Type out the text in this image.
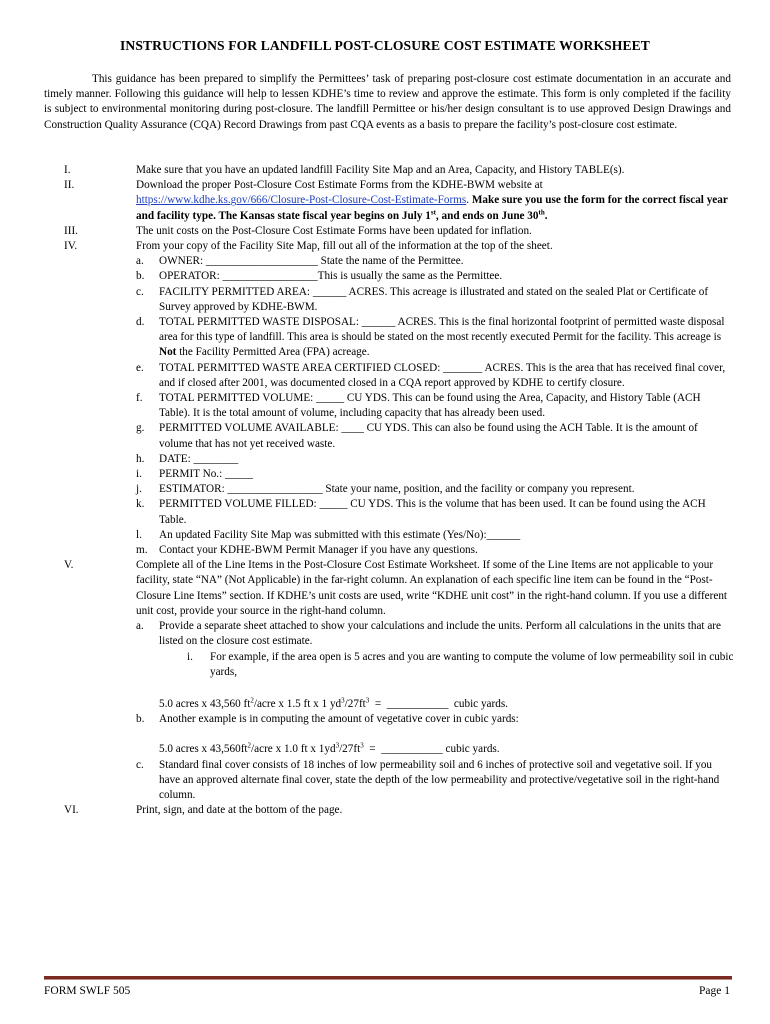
INSTRUCTIONS FOR LANDFILL POST-CLOSURE COST ESTIMATE WORKSHEET

This guidance has been prepared to simplify the Permittees’ task of preparing post-closure cost estimate documentation in an accurate and timely manner. Following this guidance will help to lessen KDHE’s time to review and approve the estimate. This form is only completed if the facility is subject to environmental monitoring during post-closure. The landfill Permittee or his/her design consultant is to use approved Design Drawings and Construction Quality Assurance (CQA) Record Drawings from past CQA events as a basis to prepare the facility’s post-closure cost estimate.

I.	Make sure that you have an updated landfill Facility Site Map and an Area, Capacity, and History TABLE(s).
II.	Download the proper Post-Closure Cost Estimate Forms from the KDHE-BWM website at
https://www.kdhe.ks.gov/666/Closure-Post-Closure-Cost-Estimate-Forms. Make sure you use the form for the correct fiscal year and facility type. The Kansas state fiscal year begins on July 1st, and ends on June 30th.
III.	The unit costs on the Post-Closure Cost Estimate Forms have been updated for inflation.
IV.	From your copy of the Facility Site Map, fill out all of the information at the top of the sheet.
a. OWNER: ____________________ State the name of the Permittee.
b. OPERATOR: _________________This is usually the same as the Permittee.
c. FACILITY PERMITTED AREA: ______ ACRES. This acreage is illustrated and stated on the sealed Plat or Certificate of Survey approved by KDHE-BWM.
d. TOTAL PERMITTED WASTE DISPOSAL: ______ ACRES. This is the final horizontal footprint of permitted waste disposal area for this type of landfill. This area is should be stated on the most recently executed Permit for the facility. This acreage is Not the Facility Permitted Area (FPA) acreage.
e. TOTAL PERMITTED WASTE AREA CERTIFIED CLOSED: _______ ACRES. This is the area that has received final cover, and if closed after 2001, was documented closed in a CQA report approved by KDHE to certify closure.
f. TOTAL PERMITTED VOLUME: _____ CU YDS. This can be found using the Area, Capacity, and History Table (ACH Table). It is the total amount of volume, including capacity that has already been used.
g. PERMITTED VOLUME AVAILABLE: ____ CU YDS. This can also be found using the ACH Table. It is the amount of volume that has not yet received waste.
h. DATE: ________
i. PERMIT No.: _____
j. ESTIMATOR: _________________ State your name, position, and the facility or company you represent.
k. PERMITTED VOLUME FILLED: _____ CU YDS. This is the volume that has been used. It can be found using the ACH Table.
l. An updated Facility Site Map was submitted with this estimate (Yes/No):______
m. Contact your KDHE-BWM Permit Manager if you have any questions.
V.	Complete all of the Line Items in the Post-Closure Cost Estimate Worksheet. If some of the Line Items are not applicable to your facility, state “NA” (Not Applicable) in the far-right column. An explanation of each specific line item can be found in the “Post-Closure Line Items” section. If KDHE’s unit costs are used, write “KDHE unit cost” in the right-hand column. If you use a different unit cost, provide your source in the right-hand column.
a. Provide a separate sheet attached to show your calculations and include the units. Perform all calculations in the units that are listed on the closure cost estimate.
i. For example, if the area open is 5 acres and you are wanting to compute the volume of low permeability soil in cubic yards,
5.0 acres x 43,560 $ft^2$/acre x 1.5 ft x 1 $yd^3/27ft^3$  =  ___________  cubic yards.
b. Another example is in computing the amount of vegetative cover in cubic yards:
5.0 acres x $43,560ft^2$/acre x 1.0 ft x $1yd^3/27ft^3$  =  ___________ cubic yards.
c. Standard final cover consists of 18 inches of low permeability soil and 6 inches of protective soil and vegetative soil. If you have an approved alternate final cover, state the depth of the low permeability and protective/vegetative soil in the right-hand column.
VI.	Print, sign, and date at the bottom of the page.
FORM SWLF 505	Page 1
